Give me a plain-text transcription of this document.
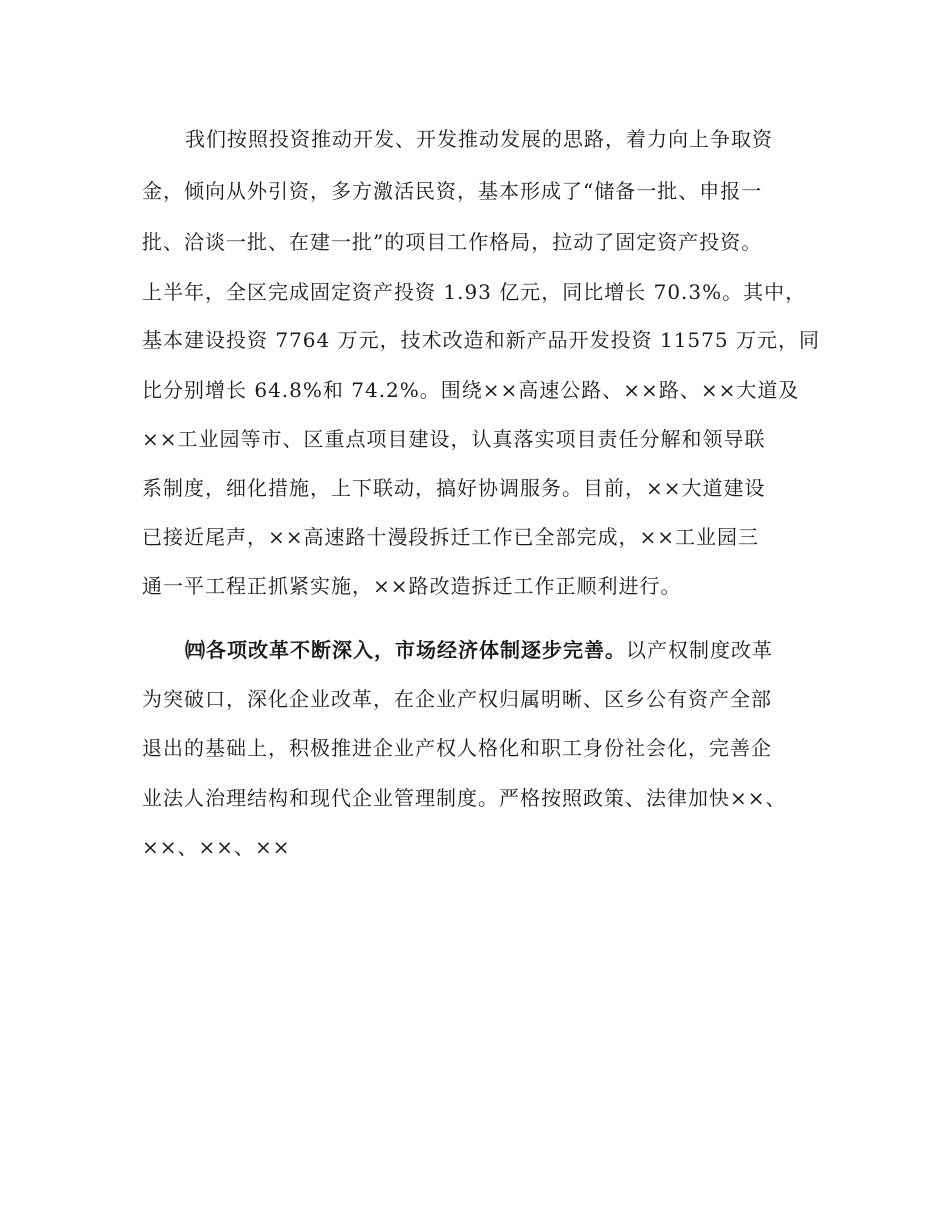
我们按照投资推动开发、开发推动发展的思路，着力向上争取资
金，倾向从外引资，多方激活民资，基本形成了“储备一批、申报一
批、洽谈一批、在建一批”的项目工作格局，拉动了固定资产投资。
上半年，全区完成固定资产投资 1.93 亿元，同比增长 70.3%。其中，
基本建设投资 7764 万元，技术改造和新产品开发投资 11575 万元，同
比分别增长 64.8%和 74.2%。围绕××高速公路、××路、××大道及
××工业园等市、区重点项目建设，认真落实项目责任分解和领导联
系制度，细化措施，上下联动，搞好协调服务。目前，××大道建设
已接近尾声，××高速路十漫段拆迁工作已全部完成，××工业园三
通一平工程正抓紧实施，××路改造拆迁工作正顺利进行。
㈣各项改革不断深入，市场经济体制逐步完善。以产权制度改革
为突破口，深化企业改革，在企业产权归属明晰、区乡公有资产全部
退出的基础上，积极推进企业产权人格化和职工身份社会化，完善企
业法人治理结构和现代企业管理制度。严格按照政策、法律加快××、
××、××、××
